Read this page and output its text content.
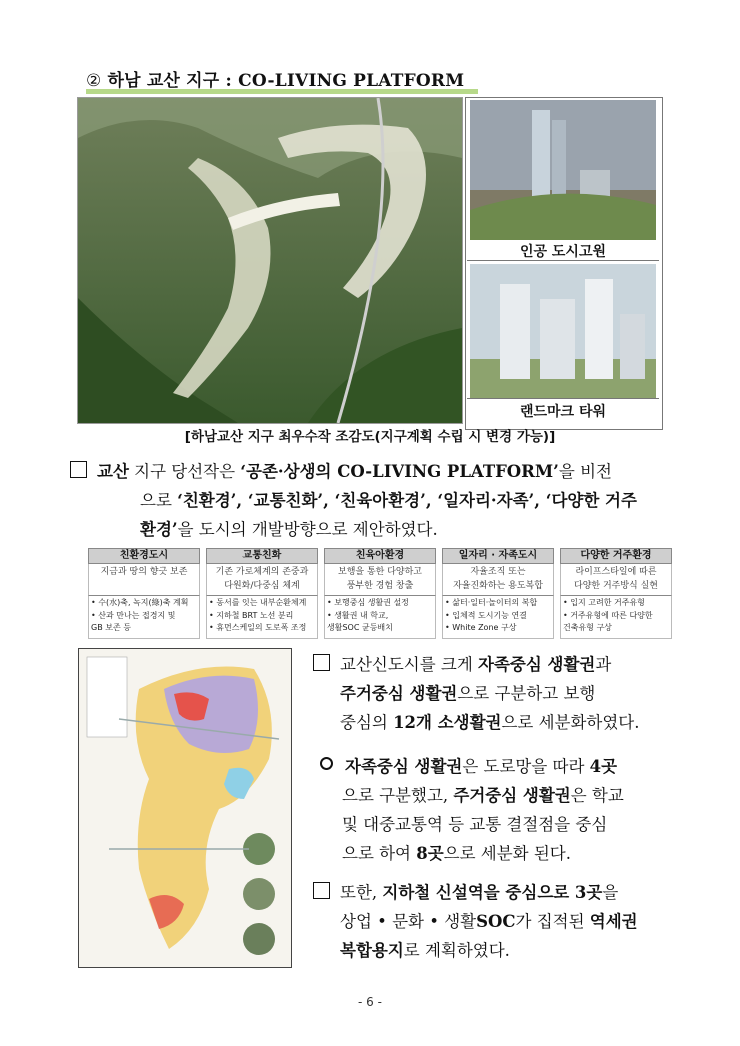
② 하남 교산 지구 : CO-LIVING PLATFORM
인공 도시고원
랜드마크 타워
[하남교산 지구 최우수작 조감도(지구계획 수립 시 변경 가능)]
교산 지구 당선작은 ‘공존·상생의 CO-LIVING PLATFORM’을 비전
으로 ‘친환경’, ‘교통친화’, ‘친육아환경’, ‘일자리·자족’, ‘다양한 거주
환경’을 도시의 개발방향으로 제안하였다.
친환경도시
지금과 땅의 향긋 보존
• 수(水)축, 녹지(綠)축 계획
• 산과 만나는 접경지 및
GB 보존 등
교통친화
기존 가로체계의 존중과
다원화/다중심 체계
• 동서를 잇는 내부순환체계
• 지하철 BRT 노선 분리
• 휴먼스케일의 도로폭 조정
친육아환경
보행을 통한 다양하고
풍부한 경험 창출
• 보행중심 생활권 설정
• 생활권 내 학교,
생활SOC 균등배치
일자리 · 자족도시
자율조직 또는
자율진화하는 용도복합
• 삶터·일터·놀이터의 복합
• 입체적 도시기능 연결
• White Zone 구상
다양한 거주환경
라이프스타일에 따른
다양한 거주방식 실현
• 입지 고려한 거주유형
• 거주유형에 따른 다양한
건축유형 구상
교산신도시를 크게 자족중심 생활권과
주거중심 생활권으로 구분하고 보행
중심의 12개 소생활권으로 세분화하였다.
자족중심 생활권은 도로망을 따라 4곳
으로 구분했고, 주거중심 생활권은 학교
및 대중교통역 등 교통 결절점을 중심
으로 하여 8곳으로 세분화 된다.
또한, 지하철 신설역을 중심으로 3곳을
상업 • 문화 • 생활SOC가 집적된 역세권
복합용지로 계획하였다.
- 6 -
